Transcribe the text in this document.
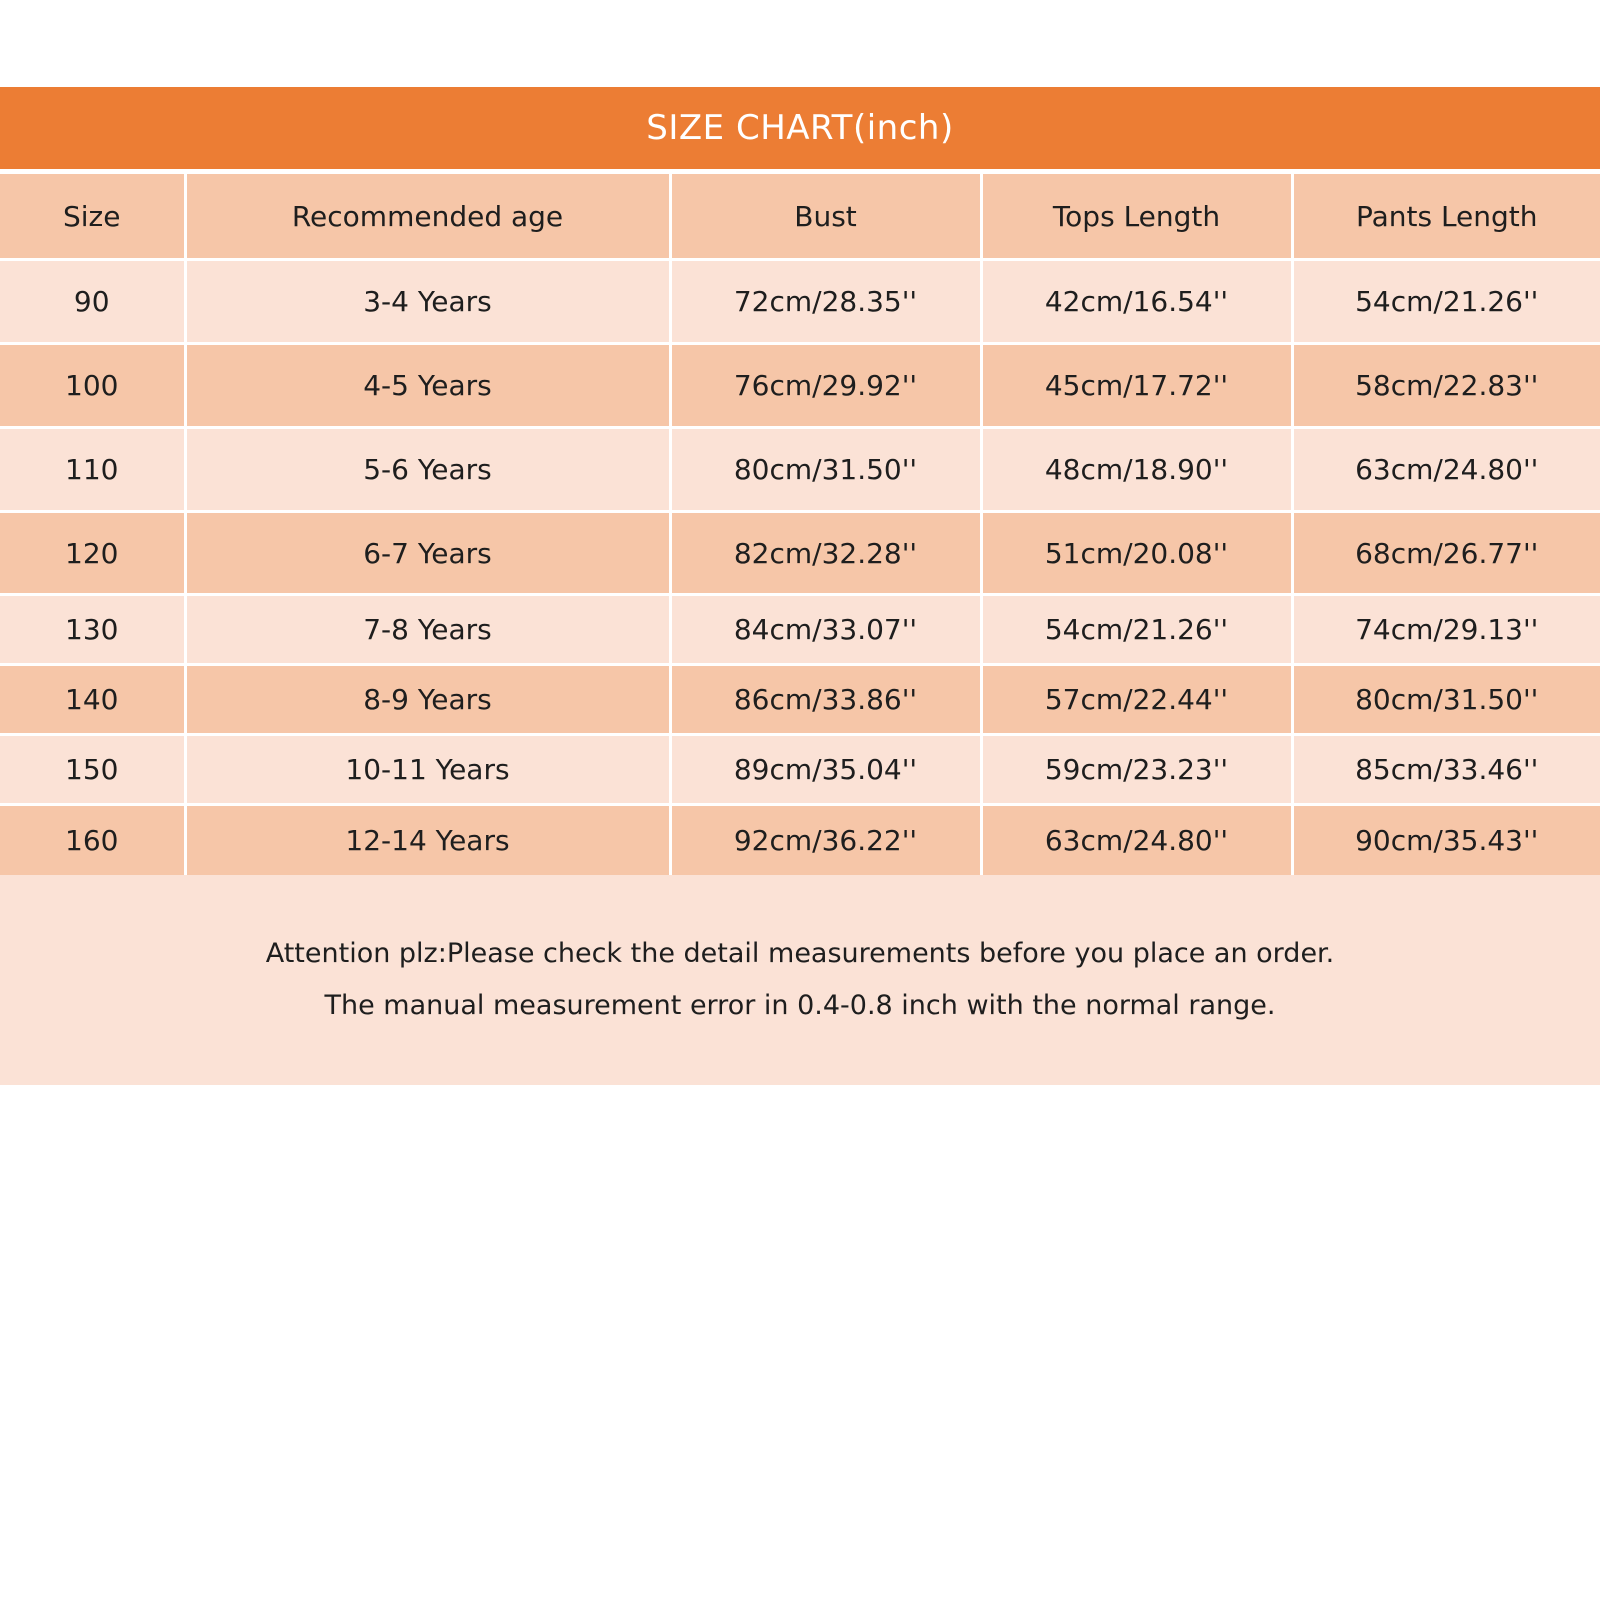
SIZE CHART(inch)
Size	Recommended age	Bust	Tops Length	Pants Length
90	3-4 Years	72cm/28.35''	42cm/16.54''	54cm/21.26''
100	4-5 Years	76cm/29.92''	45cm/17.72''	58cm/22.83''
110	5-6 Years	80cm/31.50''	48cm/18.90''	63cm/24.80''
120	6-7 Years	82cm/32.28''	51cm/20.08''	68cm/26.77''
130	7-8 Years	84cm/33.07''	54cm/21.26''	74cm/29.13''
140	8-9 Years	86cm/33.86''	57cm/22.44''	80cm/31.50''
150	10-11 Years	89cm/35.04''	59cm/23.23''	85cm/33.46''
160	12-14 Years	92cm/36.22''	63cm/24.80''	90cm/35.43''
Attention plz:Please check the detail measurements before you place an order.
The manual measurement error in 0.4-0.8 inch with the normal range.
